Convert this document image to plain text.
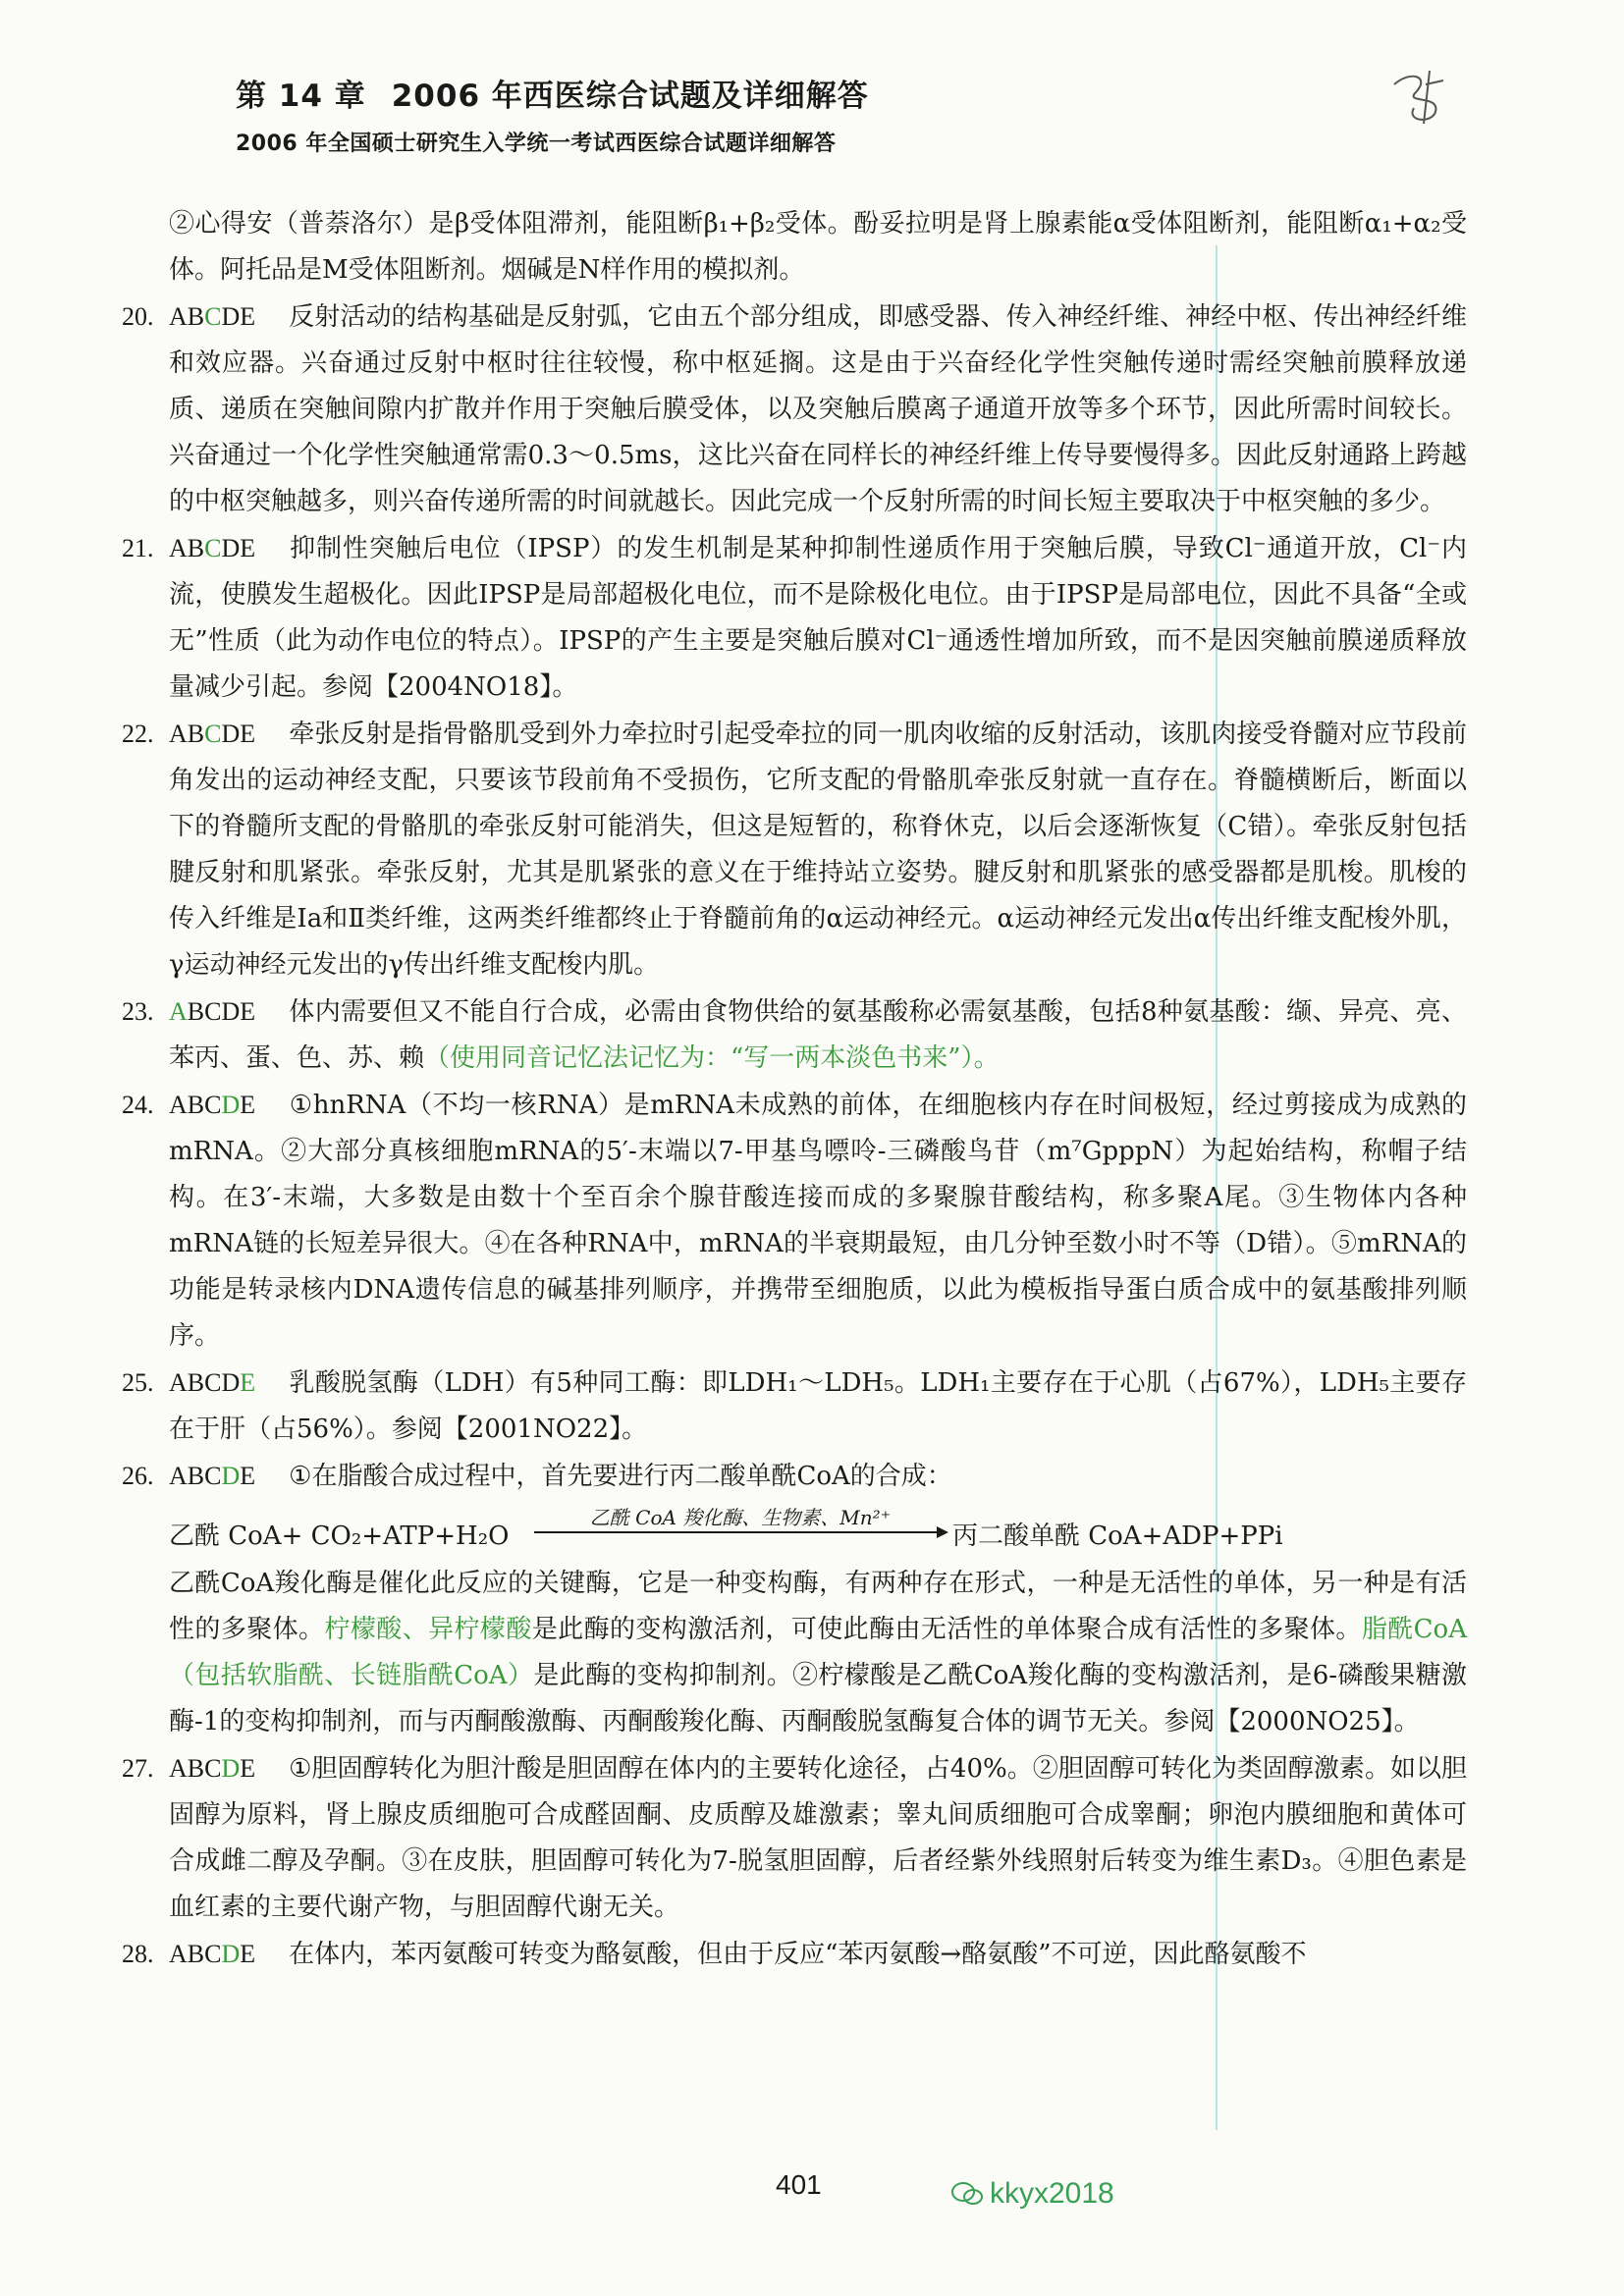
第 14 章 2006 年西医综合试题及详细解答
2006 年全国硕士研究生入学统一考试西医综合试题详细解答
②心得安（普萘洛尔）是β受体阻滞剂，能阻断β₁+β₂受体。酚妥拉明是肾上腺素能α受体阻断剂，能阻断α₁+α₂受体。阿托品是M受体阻断剂。烟碱是N样作用的模拟剂。
20. ABCDE 反射活动的结构基础是反射弧，它由五个部分组成，即感受器、传入神经纤维、神经中枢、传出神经纤维和效应器。兴奋通过反射中枢时往往较慢，称中枢延搁。这是由于兴奋经化学性突触传递时需经突触前膜释放递质、递质在突触间隙内扩散并作用于突触后膜受体，以及突触后膜离子通道开放等多个环节，因此所需时间较长。兴奋通过一个化学性突触通常需0.3～0.5ms，这比兴奋在同样长的神经纤维上传导要慢得多。因此反射通路上跨越的中枢突触越多，则兴奋传递所需的时间就越长。因此完成一个反射所需的时间长短主要取决于中枢突触的多少。
21. ABCDE 抑制性突触后电位（IPSP）的发生机制是某种抑制性递质作用于突触后膜，导致Cl⁻通道开放，Cl⁻内流，使膜发生超极化。因此IPSP是局部超极化电位，而不是除极化电位。由于IPSP是局部电位，因此不具备“全或无”性质（此为动作电位的特点）。IPSP的产生主要是突触后膜对Cl⁻通透性增加所致，而不是因突触前膜递质释放量减少引起。参阅【2004NO18】。
22. ABCDE 牵张反射是指骨骼肌受到外力牵拉时引起受牵拉的同一肌肉收缩的反射活动，该肌肉接受脊髓对应节段前角发出的运动神经支配，只要该节段前角不受损伤，它所支配的骨骼肌牵张反射就一直存在。脊髓横断后，断面以下的脊髓所支配的骨骼肌的牵张反射可能消失，但这是短暂的，称脊休克，以后会逐渐恢复（C错）。牵张反射包括腱反射和肌紧张。牵张反射，尤其是肌紧张的意义在于维持站立姿势。腱反射和肌紧张的感受器都是肌梭。肌梭的传入纤维是Ⅰa和Ⅱ类纤维，这两类纤维都终止于脊髓前角的α运动神经元。α运动神经元发出α传出纤维支配梭外肌，γ运动神经元发出的γ传出纤维支配梭内肌。
23. ABCDE 体内需要但又不能自行合成，必需由食物供给的氨基酸称必需氨基酸，包括8种氨基酸：缬、异亮、亮、苯丙、蛋、色、苏、赖（使用同音记忆法记忆为：“写一两本淡色书来”）。
24. ABCDE ①hnRNA（不均一核RNA）是mRNA未成熟的前体，在细胞核内存在时间极短，经过剪接成为成熟的mRNA。②大部分真核细胞mRNA的5′-末端以7-甲基鸟嘌呤-三磷酸鸟苷（m⁷GpppN）为起始结构，称帽子结构。在3′-末端，大多数是由数十个至百余个腺苷酸连接而成的多聚腺苷酸结构，称多聚A尾。③生物体内各种mRNA链的长短差异很大。④在各种RNA中，mRNA的半衰期最短，由几分钟至数小时不等（D错）。⑤mRNA的功能是转录核内DNA遗传信息的碱基排列顺序，并携带至细胞质，以此为模板指导蛋白质合成中的氨基酸排列顺序。
25. ABCDE 乳酸脱氢酶（LDH）有5种同工酶：即LDH₁～LDH₅。LDH₁主要存在于心肌（占67%），LDH₅主要存在于肝（占56%）。参阅【2001NO22】。
26. ABCDE ①在脂酸合成过程中，首先要进行丙二酸单酰CoA的合成：
乙酰 CoA+ CO₂+ATP+H₂O
乙酰 CoA 羧化酶、生物素、Mn²⁺
丙二酸单酰 CoA+ADP+PPi
乙酰CoA羧化酶是催化此反应的关键酶，它是一种变构酶，有两种存在形式，一种是无活性的单体，另一种是有活性的多聚体。柠檬酸、异柠檬酸是此酶的变构激活剂，可使此酶由无活性的单体聚合成有活性的多聚体。脂酰CoA（包括软脂酰、长链脂酰CoA）是此酶的变构抑制剂。②柠檬酸是乙酰CoA羧化酶的变构激活剂，是6-磷酸果糖激酶-1的变构抑制剂，而与丙酮酸激酶、丙酮酸羧化酶、丙酮酸脱氢酶复合体的调节无关。参阅【2000NO25】。
27. ABCDE ①胆固醇转化为胆汁酸是胆固醇在体内的主要转化途径，占40%。②胆固醇可转化为类固醇激素。如以胆固醇为原料，肾上腺皮质细胞可合成醛固酮、皮质醇及雄激素；睾丸间质细胞可合成睾酮；卵泡内膜细胞和黄体可合成雌二醇及孕酮。③在皮肤，胆固醇可转化为7-脱氢胆固醇，后者经紫外线照射后转变为维生素D₃。④胆色素是血红素的主要代谢产物，与胆固醇代谢无关。
28. ABCDE 在体内，苯丙氨酸可转变为酪氨酸，但由于反应“苯丙氨酸→酪氨酸”不可逆，因此酪氨酸不
401	kkyx2018
